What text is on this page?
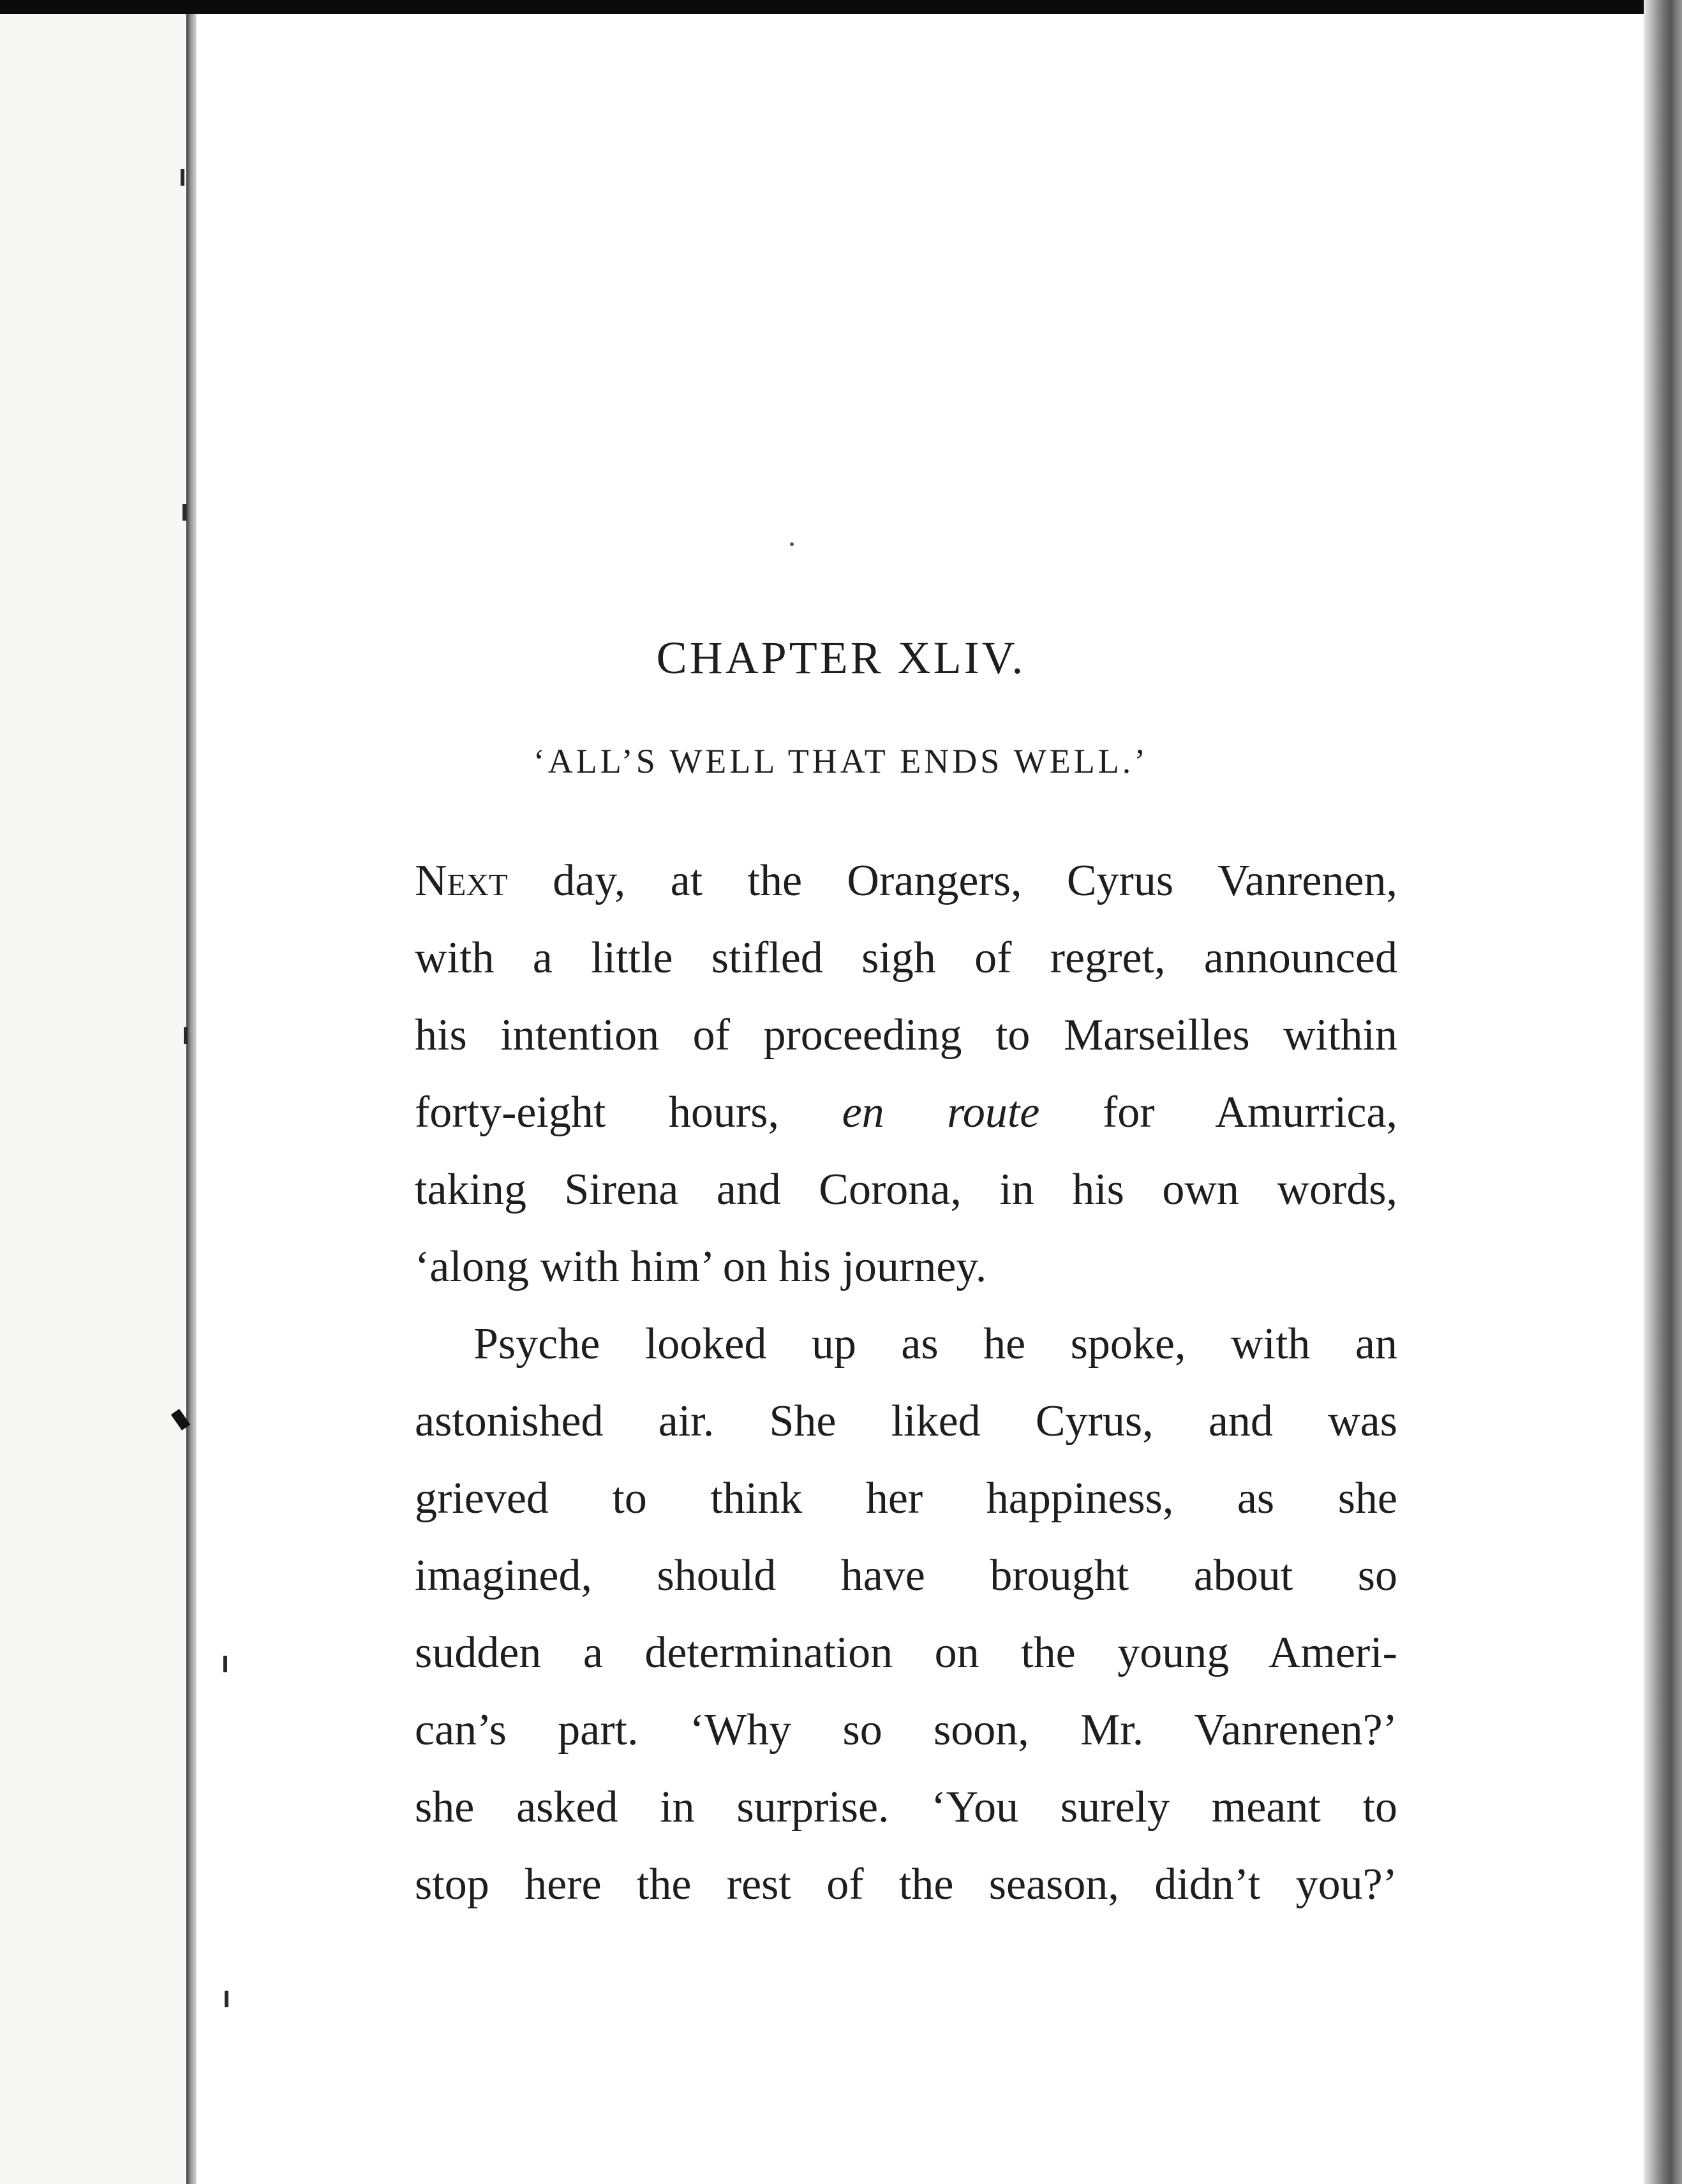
CHAPTER XLIV.
‘ALL’S WELL THAT ENDS WELL.’

Next day, at the Orangers, Cyrus Vanrenen,

with a little stifled sigh of regret, announced

his intention of proceeding to Marseilles within

forty-eight hours, en route for Amurrica,

taking Sirena and Corona, in his own words,

‘along with him’ on his journey.

Psyche looked up as he spoke, with an

astonished air. She liked Cyrus, and was

grieved to think her happiness, as she

imagined, should have brought about so

sudden a determination on the young Ameri-

can’s part. ‘Why so soon, Mr. Vanrenen?’

she asked in surprise. ‘You surely meant to

stop here the rest of the season, didn’t you?’
